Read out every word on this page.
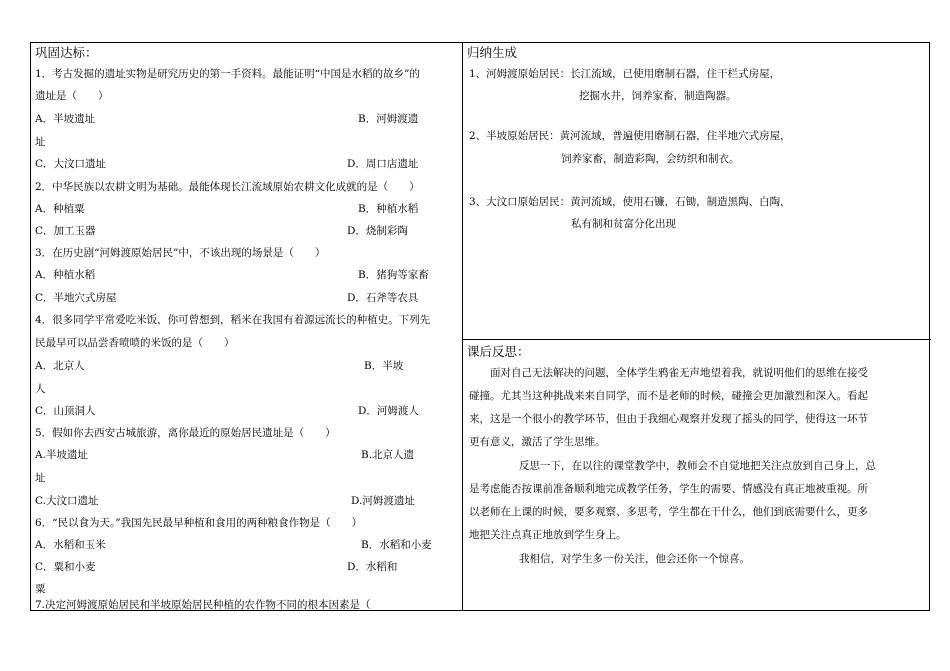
巩固达标：
1．考古发掘的遗址实物是研究历史的第一手资料。最能证明“中国是水稻的故乡”的
遗址是（　　）
A．半坡遗址	B．河姆渡遗
址
C．大汶口遗址	D．周口店遗址
2．中华民族以农耕文明为基础。最能体现长江流域原始农耕文化成就的是（　　）
A．种植粟	B．种植水稻
C．加工玉器	D．烧制彩陶
3．在历史剧“河姆渡原始居民”中，不该出现的场景是（　　）
A．种植水稻	B．猪狗等家畜
C．半地穴式房屋	D．石斧等农具
4．很多同学平常爱吃米饭，你可曾想到，稻米在我国有着源远流长的种植史。下列先
民最早可以品尝香喷喷的米饭的是（　　）
A．北京人	B．半坡
人
C．山顶洞人	D．河姆渡人
5．假如你去西安古城旅游，离你最近的原始居民遗址是（　　）
A.半坡遗址	B.北京人遗
址
C.大汶口遗址	D.河姆渡遗址
6．“民以食为天。”我国先民最早种植和食用的两种粮食作物是（　　）
A．水稻和玉米	B．水稻和小麦
C．粟和小麦	D．水稻和
粟
7.决定河姆渡原始居民和半坡原始居民种植的农作物不同的根本因素是（
归纳生成
1、河姆渡原始居民：长江流域，已使用磨制石器，住干栏式房屋，
挖掘水井，饲养家畜，制造陶器。
2、半坡原始居民：黄河流域，普遍使用磨制石器，住半地穴式房屋，
饲养家畜，制造彩陶，会纺织和制衣。
3、大汶口原始居民：黄河流域，使用石镰，石锄，制造黑陶、白陶，
私有制和贫富分化出现
课后反思：
面对自己无法解决的问题，全体学生鸦雀无声地望着我，就说明他们的思维在接受
碰撞。尤其当这种挑战来来自同学，而不是老师的时候，碰撞会更加激烈和深入。看起
来，这是一个很小的教学环节，但由于我细心观察并发现了摇头的同学，使得这一环节
更有意义，激活了学生思维。
反思一下，在以往的课堂教学中，教师会不自觉地把关注点放到自己身上，总
是考虑能否按课前准备顺利地完成教学任务，学生的需要、情感没有真正地被重视。所
以老师在上课的时候，要多观察、多思考，学生都在干什么，他们到底需要什么，更多
地把关注点真正地放到学生身上。
我相信，对学生多一份关注，他会还你一个惊喜。
